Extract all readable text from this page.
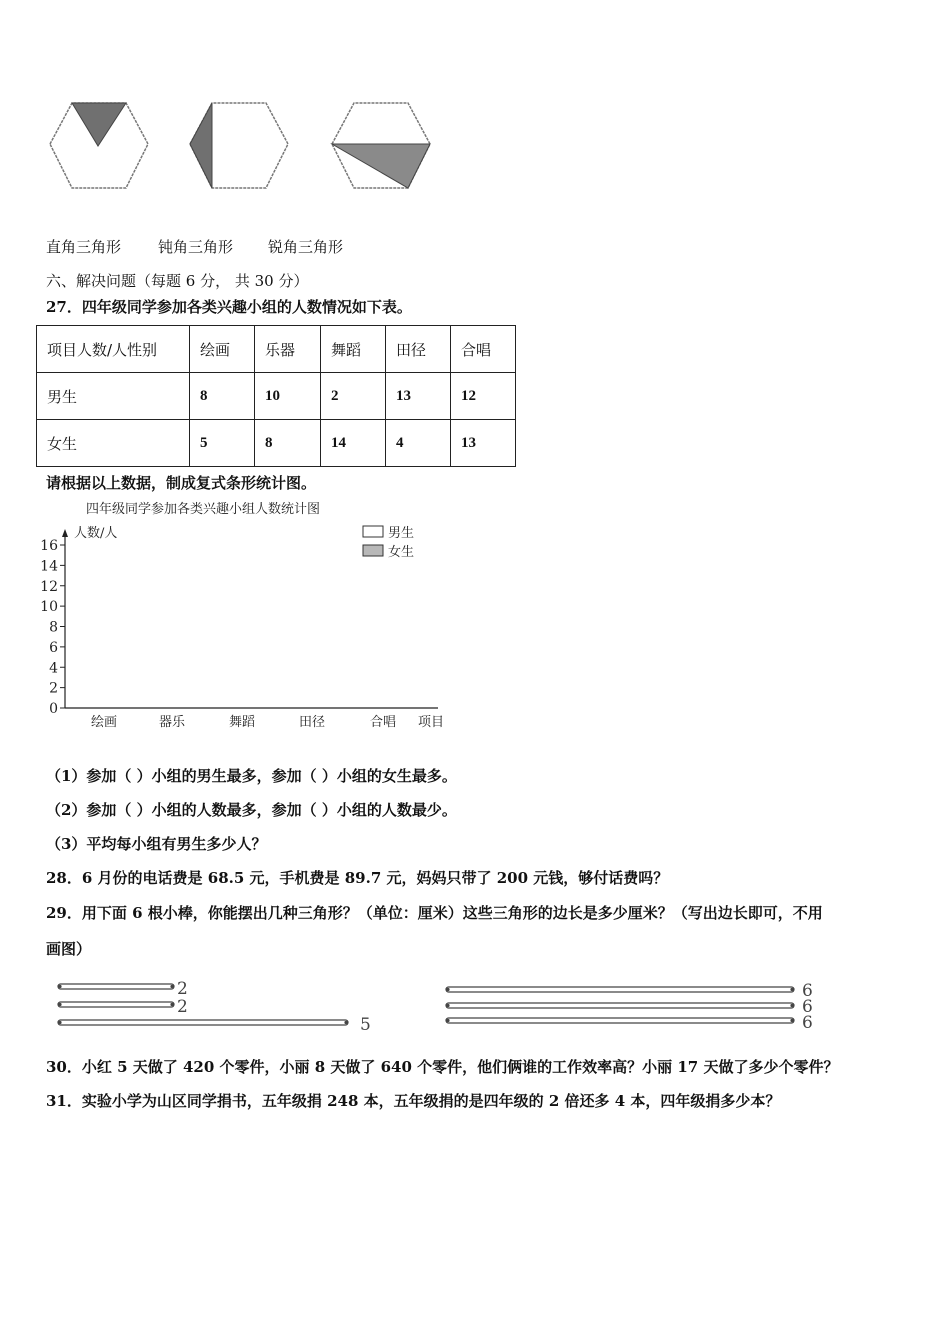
直角三角形 钝角三角形 锐角三角形
六、解决问题（每题 6 分， 共 30 分）
27．四年级同学参加各类兴趣小组的人数情况如下表。
项目人数/人性别	绘画	乐器	舞蹈	田径	合唱
男生	8	10	2	13	12
女生	5	8	14	4	13
请根据以上数据，制成复式条形统计图。
四年级同学参加各类兴趣小组人数统计图
人数/人	男生
女生
0
2
4
6
8
10
12
14
16
绘画	器乐	舞蹈	田径	合唱 项目
（1）参加（ ）小组的男生最多，参加（ ）小组的女生最多。
（2）参加（ ）小组的人数最多，参加（ ）小组的人数最少。
（3）平均每小组有男生多少人？
28．6 月份的电话费是 68.5 元，手机费是 89.7 元，妈妈只带了 200 元钱，够付话费吗？
29．用下面 6 根小棒，你能摆出几种三角形？（单位：厘米）这些三角形的边长是多少厘米？（写出边长即可，不用
画图）
2
2
5
6
6
6
30．小红 5 天做了 420 个零件，小丽 8 天做了 640 个零件，他们俩谁的工作效率高？小丽 17 天做了多少个零件？
31．实验小学为山区同学捐书，五年级捐 248 本，五年级捐的是四年级的 2 倍还多 4 本，四年级捐多少本？
